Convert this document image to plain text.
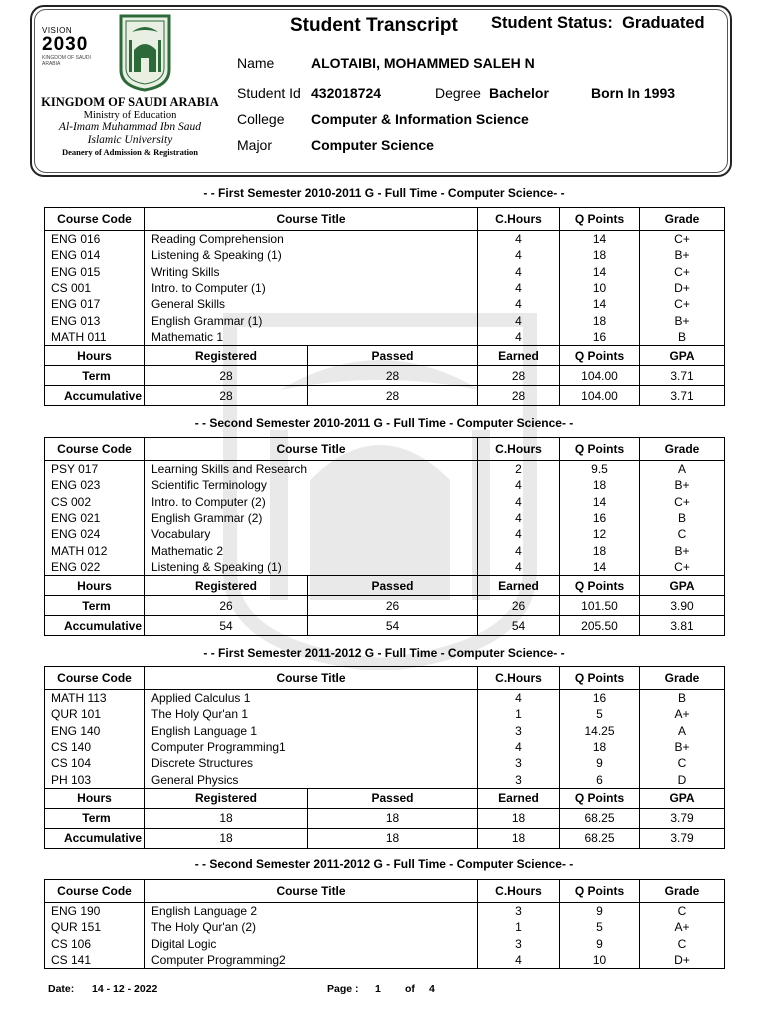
VISION
2030
KINGDOM OF SAUDI ARABIA
KINGDOM OF SAUDI ARABIA
Ministry of Education
Al-Imam Muhammad Ibn Saud
Islamic University
Deanery of Admission & Registration
Student Transcript Student Status: Graduated
Name	ALOTAIBI, MOHAMMED SALEH N
Student Id 432018724	Degree Bachelor	Born In 1993
College Computer & Information Science
Major	Computer Science
- - First Semester 2010-2011 G - Full Time - Computer Science- -
Course Code	Course Title		C.Hours	Q Points	Grade
ENG 016	Reading Comprehension		4	14	C+
ENG 014	Listening & Speaking (1)		4	18	B+
ENG 015	Writing Skills		4	14	C+
CS 001	Intro. to Computer (1)		4	10	D+
ENG 017	General Skills		4	14	C+
ENG 013	English Grammar (1)		4	18	B+
MATH 011	Mathematic 1		4	16	B
Hours	Registered	Passed	Earned	Q Points	GPA
Term	28	28	28	104.00	3.71
Accumulative	28	28	28	104.00	3.71
- - Second Semester 2010-2011 G - Full Time - Computer Science- -
Course Code	Course Title		C.Hours	Q Points	Grade
PSY 017	Learning Skills and Research		2	9.5	A
ENG 023	Scientific Terminology		4	18	B+
CS 002	Intro. to Computer (2)		4	14	C+
ENG 021	English Grammar (2)		4	16	B
ENG 024	Vocabulary		4	12	C
MATH 012	Mathematic 2		4	18	B+
ENG 022	Listening & Speaking (1)		4	14	C+
Hours	Registered	Passed	Earned	Q Points	GPA
Term	26	26	26	101.50	3.90
Accumulative	54	54	54	205.50	3.81
- - First Semester 2011-2012 G - Full Time - Computer Science- -
Course Code	Course Title		C.Hours	Q Points	Grade
MATH 113	Applied Calculus 1		4	16	B
QUR 101	The Holy Qur'an 1		1	5	A+
ENG 140	English Language 1		3	14.25	A
CS 140	Computer Programming1		4	18	B+
CS 104	Discrete Structures		3	9	C
PH 103	General Physics		3	6	D
Hours	Registered	Passed	Earned	Q Points	GPA
Term	18	18	18	68.25	3.79
Accumulative	18	18	18	68.25	3.79
- - Second Semester 2011-2012 G - Full Time - Computer Science- -
Course Code	Course Title	C.Hours	Q Points	Grade
ENG 190	English Language 2	3	9	C
QUR 151	The Holy Qur'an (2)	1	5	A+
CS 106	Digital Logic	3	9	C
CS 141	Computer Programming2	4	10	D+
Date: 14 - 12 - 2022	Page : 1 of 4
